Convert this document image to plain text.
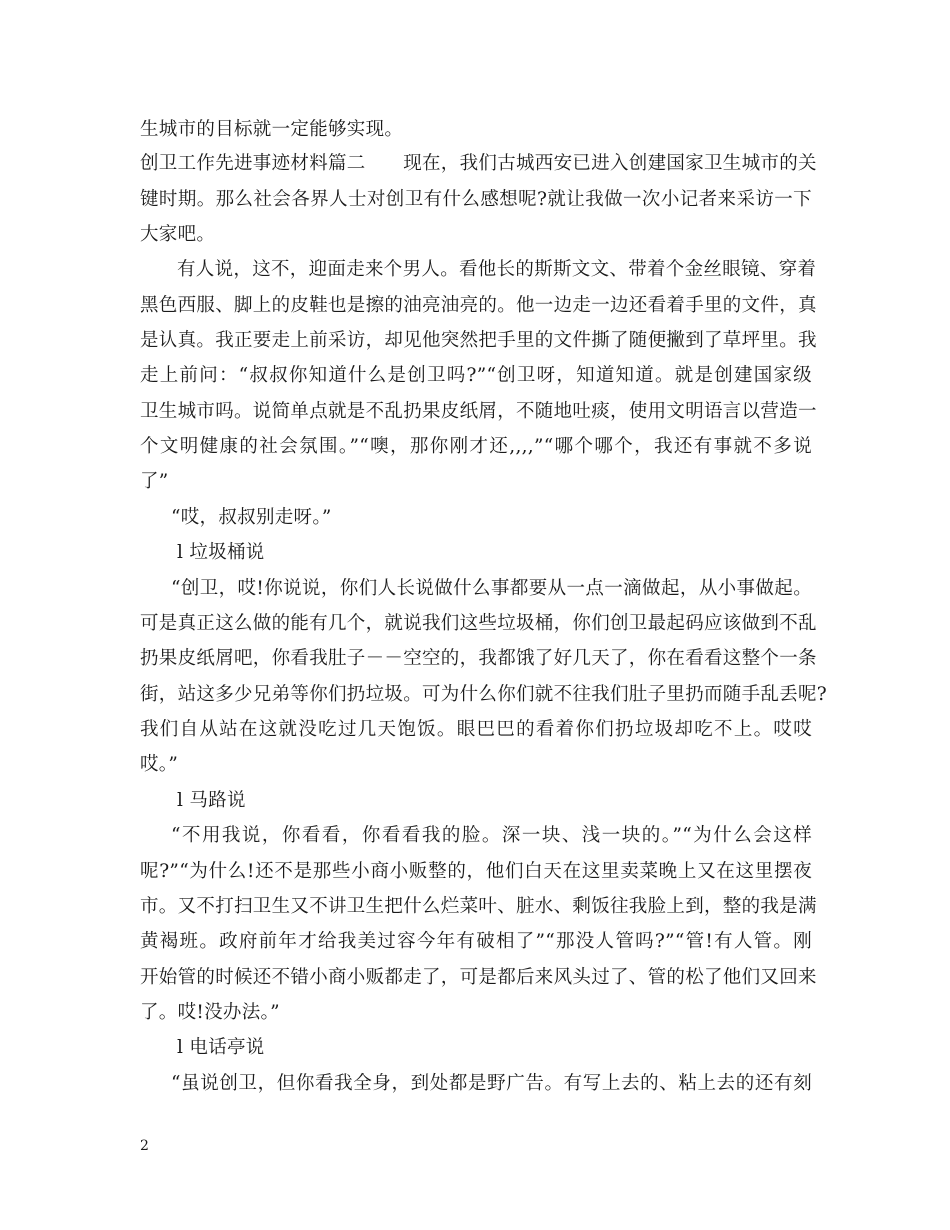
生城市的目标就一定能够实现。
创卫工作先进事迹材料篇二　　现在，我们古城西安已进入创建国家卫生城市的关
键时期。那么社会各界人士对创卫有什么感想呢?就让我做一次小记者来采访一下
大家吧。
有人说，这不，迎面走来个男人。看他长的斯斯文文、带着个金丝眼镜、穿着
黑色西服、脚上的皮鞋也是擦的油亮油亮的。他一边走一边还看着手里的文件，真
是认真。我正要走上前采访，却见他突然把手里的文件撕了随便撇到了草坪里。我
走上前问：“叔叔你知道什么是创卫吗?”“创卫呀，知道知道。就是创建国家级
卫生城市吗。说简单点就是不乱扔果皮纸屑，不随地吐痰，使用文明语言以营造一
个文明健康的社会氛围。”“噢，那你刚才还,,,,”“哪个哪个，我还有事就不多说
了”
“哎，叔叔别走呀。”
l 垃圾桶说
“创卫，哎!你说说，你们人长说做什么事都要从一点一滴做起，从小事做起。
可是真正这么做的能有几个，就说我们这些垃圾桶，你们创卫最起码应该做到不乱
扔果皮纸屑吧，你看我肚子－－空空的，我都饿了好几天了，你在看看这整个一条
街，站这多少兄弟等你们扔垃圾。可为什么你们就不往我们肚子里扔而随手乱丢呢?
我们自从站在这就没吃过几天饱饭。眼巴巴的看着你们扔垃圾却吃不上。哎哎
哎。”
l 马路说
“不用我说，你看看，你看看我的脸。深一块、浅一块的。”“为什么会这样
呢?”“为什么!还不是那些小商小贩整的，他们白天在这里卖菜晚上又在这里摆夜
市。又不打扫卫生又不讲卫生把什么烂菜叶、脏水、剩饭往我脸上到，整的我是满
黄褐班。政府前年才给我美过容今年有破相了”“那没人管吗?”“管!有人管。刚
开始管的时候还不错小商小贩都走了，可是都后来风头过了、管的松了他们又回来
了。哎!没办法。”
l 电话亭说
“虽说创卫，但你看我全身，到处都是野广告。有写上去的、粘上去的还有刻
2
